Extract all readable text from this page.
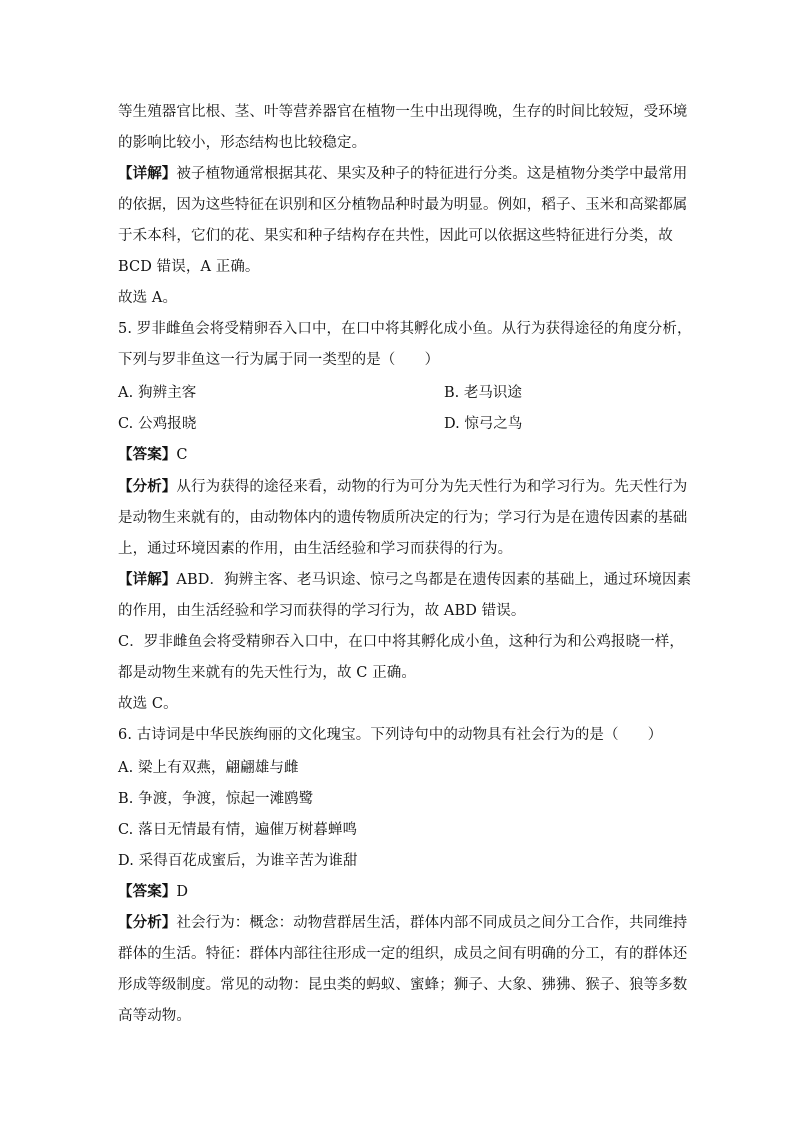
等生殖器官比根、茎、叶等营养器官在植物一生中出现得晚，生存的时间比较短，受环境
的影响比较小，形态结构也比较稳定。
【详解】被子植物通常根据其花、果实及种子的特征进行分类。这是植物分类学中最常用
的依据，因为这些特征在识别和区分植物品种时最为明显。例如，稻子、玉米和高粱都属
于禾本科，它们的花、果实和种子结构存在共性，因此可以依据这些特征进行分类，故
BCD 错误，A 正确。
故选 A。
5. 罗非雌鱼会将受精卵吞入口中，在口中将其孵化成小鱼。从行为获得途径的角度分析，
下列与罗非鱼这一行为属于同一类型的是（　　）
A. 狗辨主客	B. 老马识途
C. 公鸡报晓	D. 惊弓之鸟
【答案】C
【分析】从行为获得的途径来看，动物的行为可分为先天性行为和学习行为。先天性行为
是动物生来就有的，由动物体内的遗传物质所决定的行为；学习行为是在遗传因素的基础
上，通过环境因素的作用，由生活经验和学习而获得的行为。
【详解】ABD．狗辨主客、老马识途、惊弓之鸟都是在遗传因素的基础上，通过环境因素
的作用，由生活经验和学习而获得的学习行为，故 ABD 错误。
C．罗非雌鱼会将受精卵吞入口中，在口中将其孵化成小鱼，这种行为和公鸡报晓一样，
都是动物生来就有的先天性行为，故 C 正确。
故选 C。
6. 古诗词是中华民族绚丽的文化瑰宝。下列诗句中的动物具有社会行为的是（　　）
A. 梁上有双燕，翩翩雄与雌
B. 争渡，争渡，惊起一滩鸥鹭
C. 落日无情最有情，遍催万树暮蝉鸣
D. 采得百花成蜜后，为谁辛苦为谁甜
【答案】D
【分析】社会行为：概念：动物营群居生活，群体内部不同成员之间分工合作，共同维持
群体的生活。特征：群体内部往往形成一定的组织，成员之间有明确的分工，有的群体还
形成等级制度。常见的动物：昆虫类的蚂蚁、蜜蜂；狮子、大象、狒狒、猴子、狼等多数
高等动物。
